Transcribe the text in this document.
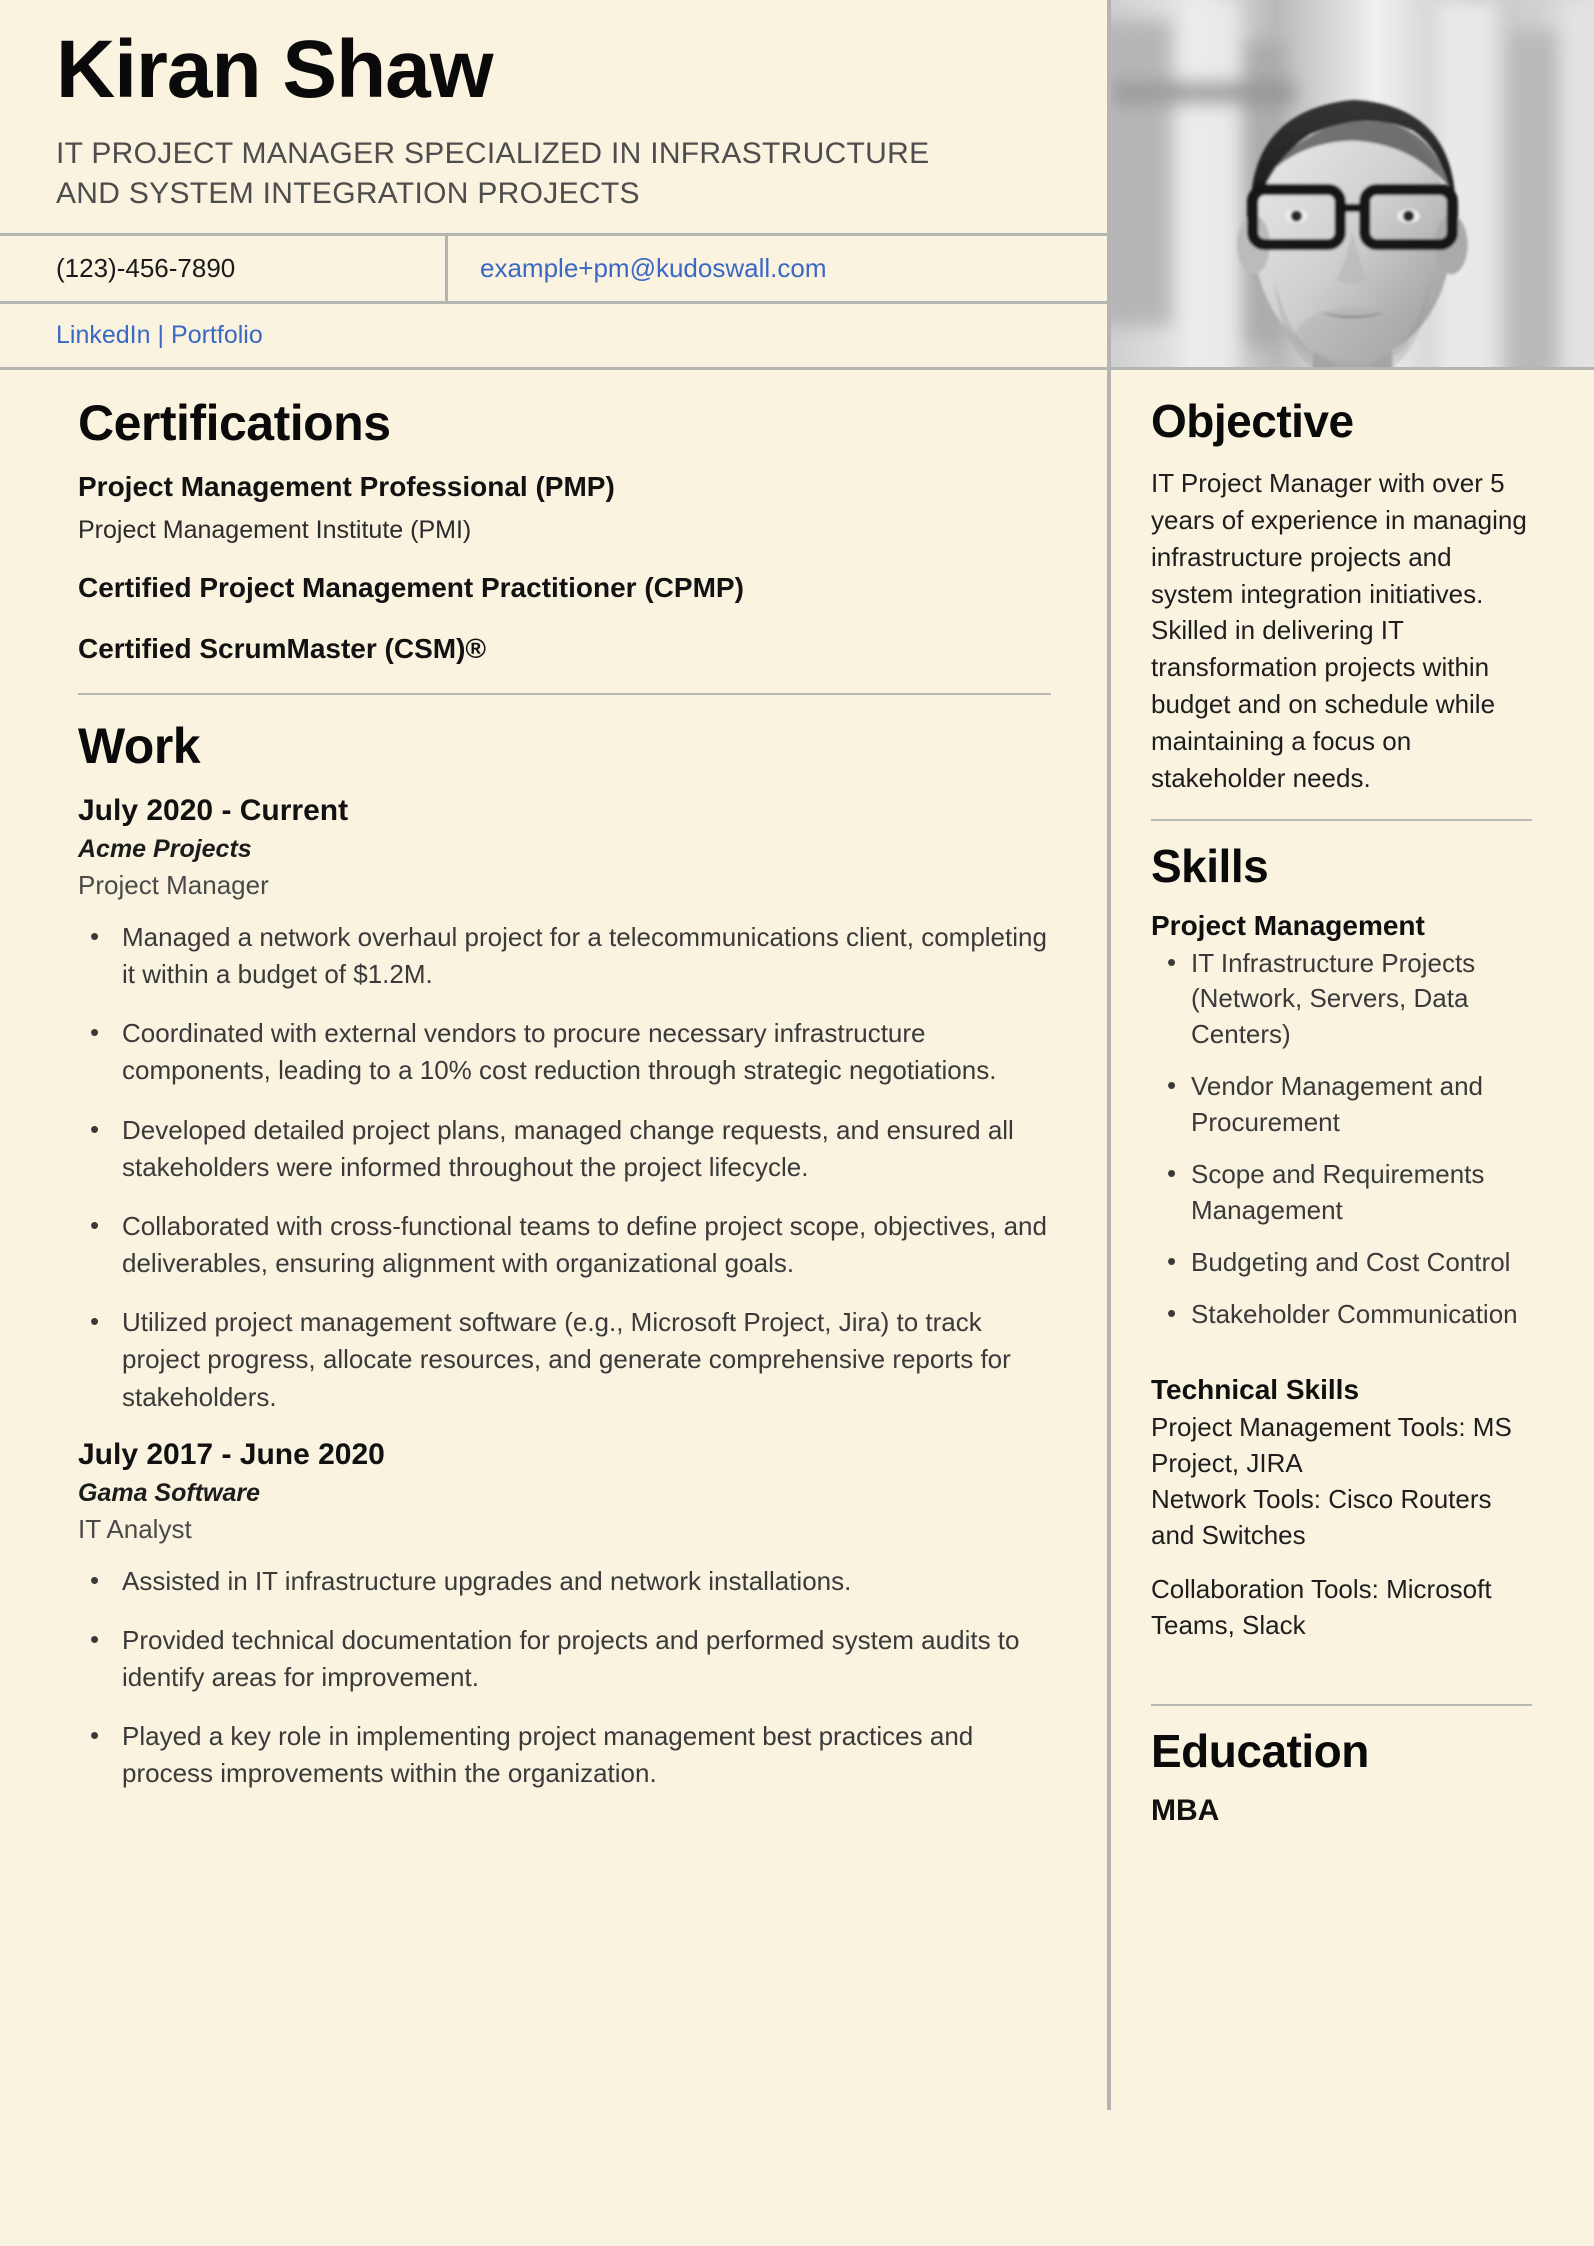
Kiran Shaw
IT PROJECT MANAGER SPECIALIZED IN INFRASTRUCTURE AND SYSTEM INTEGRATION PROJECTS
(123)-456-7890	example+pm@kudoswall.com
LinkedIn | Portfolio
Certifications
Project Management Professional (PMP)
Project Management Institute (PMI)
Certified Project Management Practitioner (CPMP)
Certified ScrumMaster (CSM)®
Work
July 2020 - Current
Acme Projects
Project Manager
• Managed a network overhaul project for a telecommunications client, completing it within a budget of $1.2M.
• Coordinated with external vendors to procure necessary infrastructure components, leading to a 10% cost reduction through strategic negotiations.
• Developed detailed project plans, managed change requests, and ensured all stakeholders were informed throughout the project lifecycle.
• Collaborated with cross-functional teams to define project scope, objectives, and deliverables, ensuring alignment with organizational goals.
• Utilized project management software (e.g., Microsoft Project, Jira) to track project progress, allocate resources, and generate comprehensive reports for stakeholders.
July 2017 - June 2020
Gama Software
IT Analyst
• Assisted in IT infrastructure upgrades and network installations.
• Provided technical documentation for projects and performed system audits to identify areas for improvement.
• Played a key role in implementing project management best practices and process improvements within the organization.
Objective
IT Project Manager with over 5 years of experience in managing infrastructure projects and system integration initiatives. Skilled in delivering IT transformation projects within budget and on schedule while maintaining a focus on stakeholder needs.
Skills
Project Management
• IT Infrastructure Projects (Network, Servers, Data Centers)
• Vendor Management and Procurement
• Scope and Requirements Management
• Budgeting and Cost Control
• Stakeholder Communication
Technical Skills
Project Management Tools: MS Project, JIRA
Network Tools: Cisco Routers and Switches
Collaboration Tools: Microsoft Teams, Slack
Education
MBA
